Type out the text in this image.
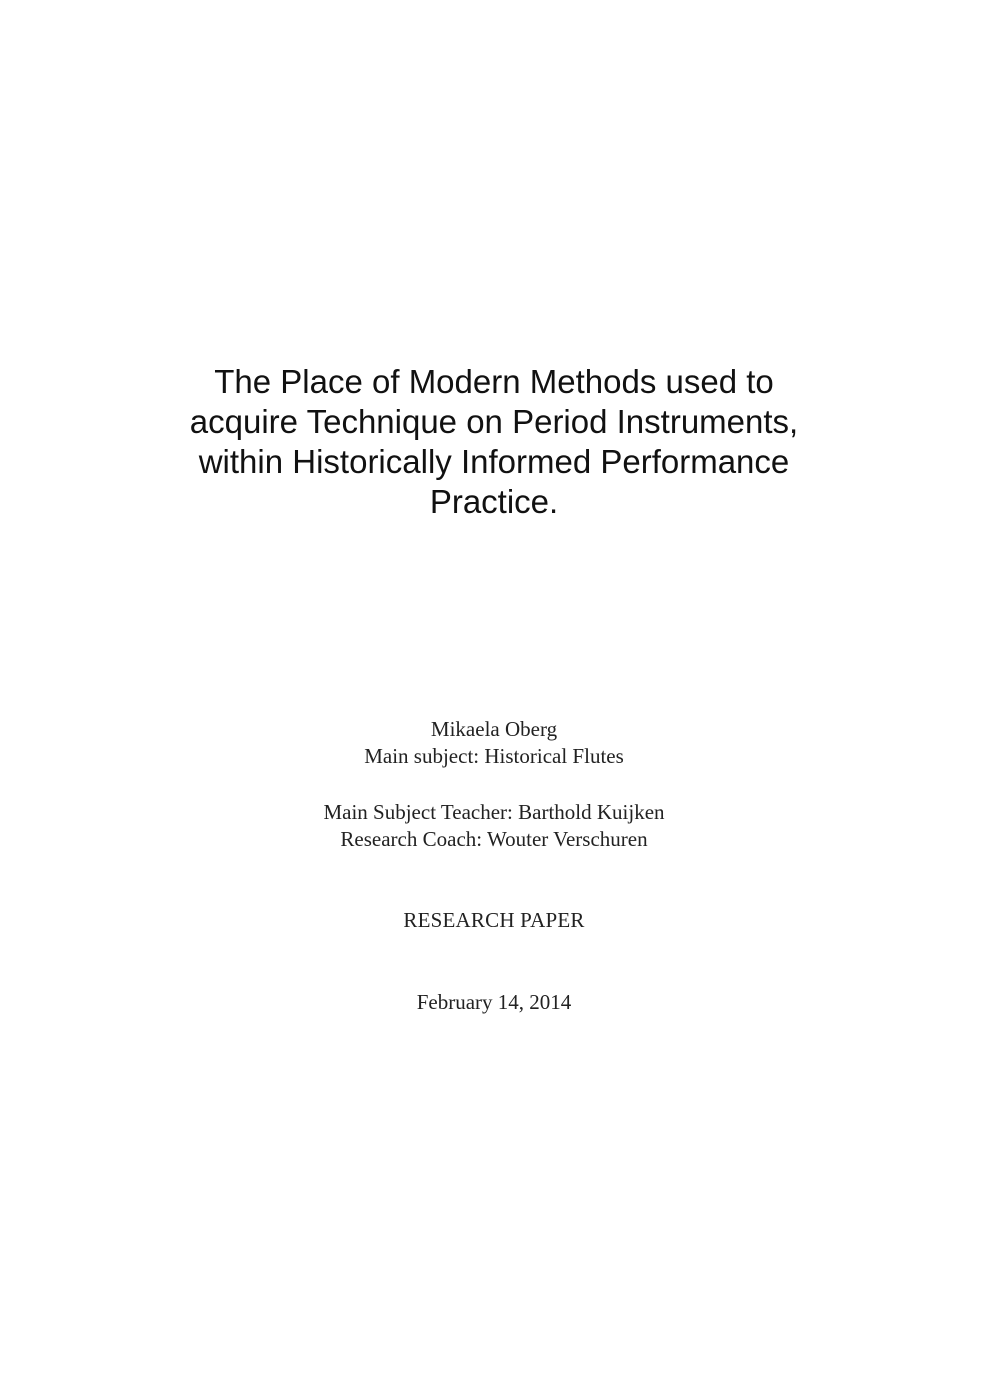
The Place of Modern Methods used to
acquire Technique on Period Instruments,
within Historically Informed Performance
Practice.
Mikaela Oberg
Main subject: Historical Flutes
Main Subject Teacher: Barthold Kuijken
Research Coach: Wouter Verschuren
RESEARCH PAPER
February 14, 2014
